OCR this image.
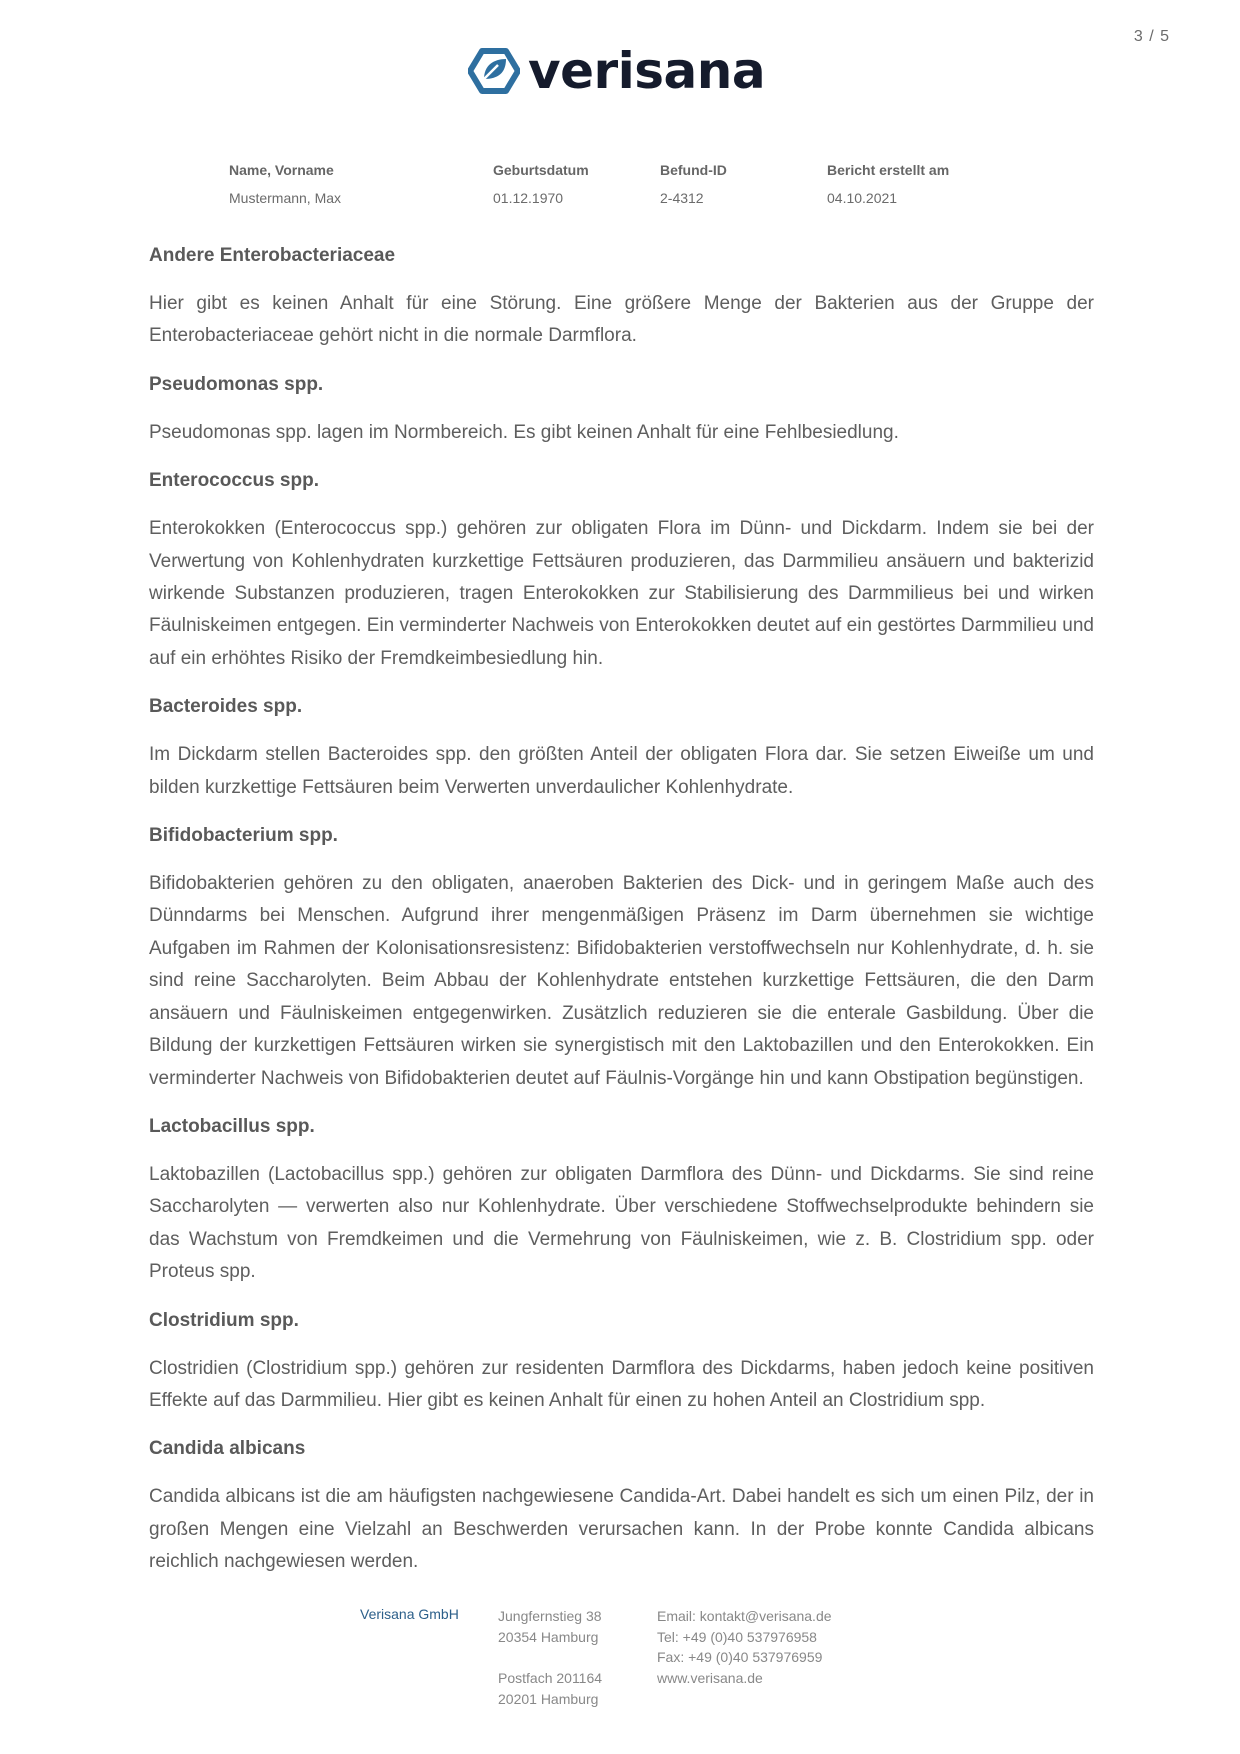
3 / 5
verisana
Name, Vorname
Mustermann, Max
Geburtsdatum
01.12.1970
Befund-ID
2-4312
Bericht erstellt am
04.10.2021
Andere Enterobacteriaceae

Hier gibt es keinen Anhalt für eine Störung. Eine größere Menge der Bakterien aus der Gruppe der Enterobacteriaceae gehört nicht in die normale Darmflora.

Pseudomonas spp.

Pseudomonas spp. lagen im Normbereich. Es gibt keinen Anhalt für eine Fehlbesiedlung.

Enterococcus spp.

Enterokokken (Enterococcus spp.) gehören zur obligaten Flora im Dünn- und Dickdarm. Indem sie bei der Verwertung von Kohlenhydraten kurzkettige Fettsäuren produzieren, das Darmmilieu ansäuern und bakterizid wirkende Substanzen produzieren, tragen Enterokokken zur Stabilisierung des Darmmilieus bei und wirken Fäulniskeimen entgegen. Ein verminderter Nachweis von Enterokokken deutet auf ein gestörtes Darmmilieu und auf ein erhöhtes Risiko der Fremdkeimbesiedlung hin.

Bacteroides spp.

Im Dickdarm stellen Bacteroides spp. den größten Anteil der obligaten Flora dar. Sie setzen Eiweiße um und bilden kurzkettige Fettsäuren beim Verwerten unverdaulicher Kohlenhydrate.

Bifidobacterium spp.

Bifidobakterien gehören zu den obligaten, anaeroben Bakterien des Dick- und in geringem Maße auch des Dünndarms bei Menschen. Aufgrund ihrer mengenmäßigen Präsenz im Darm übernehmen sie wichtige Aufgaben im Rahmen der Kolonisationsresistenz: Bifidobakterien verstoffwechseln nur Kohlenhydrate, d. h. sie sind reine Saccharolyten. Beim Abbau der Kohlenhydrate entstehen kurzkettige Fettsäuren, die den Darm ansäuern und Fäulniskeimen entgegenwirken. Zusätzlich reduzieren sie die enterale Gasbildung. Über die Bildung der kurzkettigen Fettsäuren wirken sie synergistisch mit den Laktobazillen und den Enterokokken. Ein verminderter Nachweis von Bifidobakterien deutet auf Fäulnis-Vorgänge hin und kann Obstipation begünstigen.

Lactobacillus spp.

Laktobazillen (Lactobacillus spp.) gehören zur obligaten Darmflora des Dünn- und Dickdarms. Sie sind reine Saccharolyten — verwerten also nur Kohlenhydrate. Über verschiedene Stoffwechselprodukte behindern sie das Wachstum von Fremdkeimen und die Vermehrung von Fäulniskeimen, wie z. B. Clostridium spp. oder Proteus spp.

Clostridium spp.

Clostridien (Clostridium spp.) gehören zur residenten Darmflora des Dickdarms, haben jedoch keine positiven Effekte auf das Darmmilieu. Hier gibt es keinen Anhalt für einen zu hohen Anteil an Clostridium spp.

Candida albicans

Candida albicans ist die am häufigsten nachgewiesene Candida-Art. Dabei handelt es sich um einen Pilz, der in großen Mengen eine Vielzahl an Beschwerden verursachen kann. In der Probe konnte Candida albicans reichlich nachgewiesen werden.

Verisana GmbH	Jungfernstieg 38
20354 Hamburg
Postfach 201164
20201 Hamburg
Email: kontakt@verisana.de
Tel: +49 (0)40 537976958
Fax: +49 (0)40 537976959
www.verisana.de
